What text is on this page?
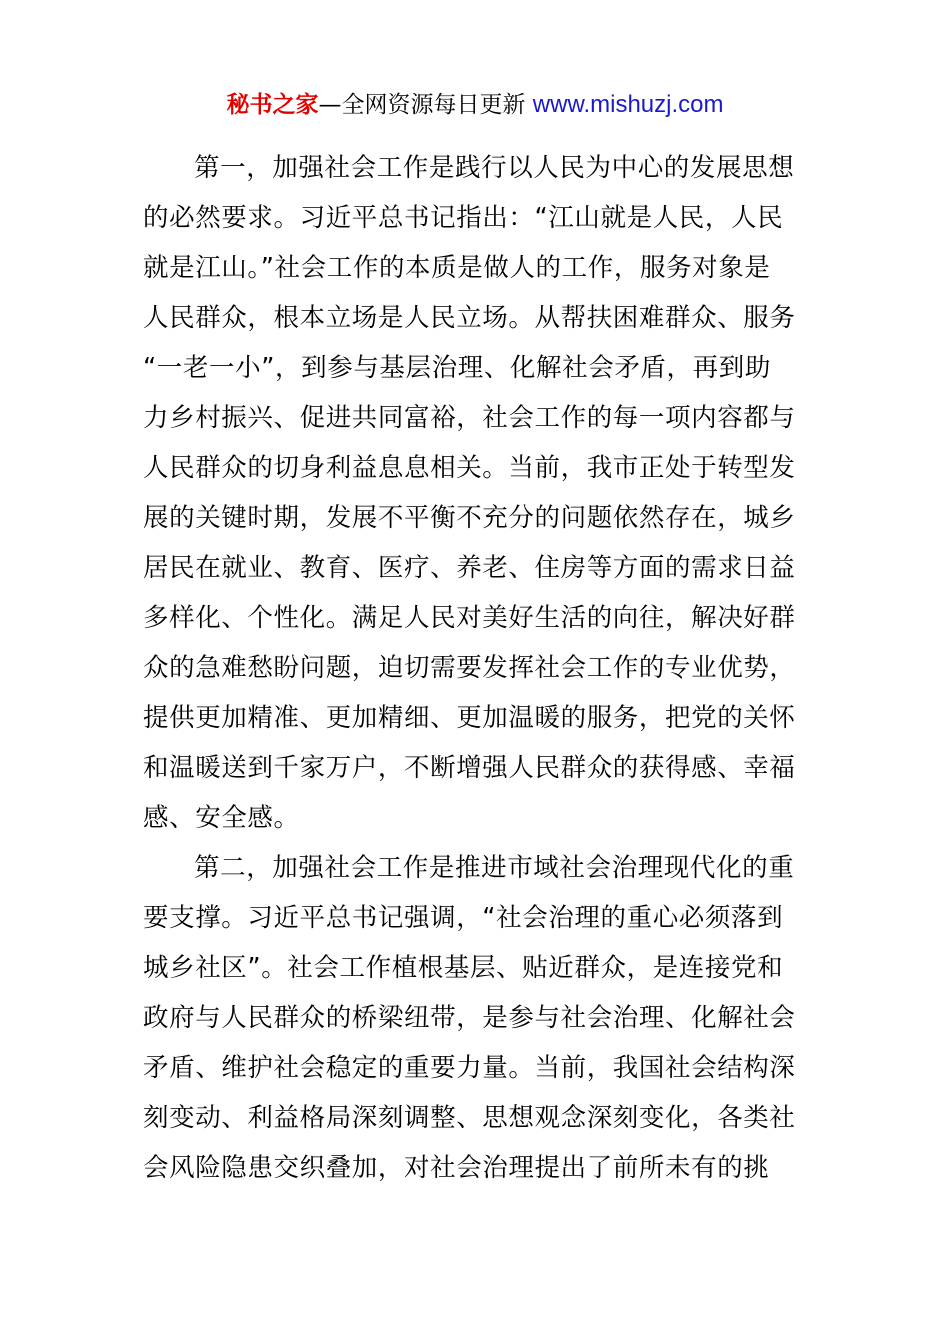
秘书之家—全网资源每日更新 www.mishuzj.com
第一，加强社会工作是践行以人民为中心的发展思想
的必然要求。习近平总书记指出：“江山就是人民，人民
就是江山。”社会工作的本质是做人的工作，服务对象是
人民群众，根本立场是人民立场。从帮扶困难群众、服务
“一老一小”，到参与基层治理、化解社会矛盾，再到助
力乡村振兴、促进共同富裕，社会工作的每一项内容都与
人民群众的切身利益息息相关。当前，我市正处于转型发
展的关键时期，发展不平衡不充分的问题依然存在，城乡
居民在就业、教育、医疗、养老、住房等方面的需求日益
多样化、个性化。满足人民对美好生活的向往，解决好群
众的急难愁盼问题，迫切需要发挥社会工作的专业优势，
提供更加精准、更加精细、更加温暖的服务，把党的关怀
和温暖送到千家万户，不断增强人民群众的获得感、幸福
感、安全感。
第二，加强社会工作是推进市域社会治理现代化的重
要支撑。习近平总书记强调，“社会治理的重心必须落到
城乡社区”。社会工作植根基层、贴近群众，是连接党和
政府与人民群众的桥梁纽带，是参与社会治理、化解社会
矛盾、维护社会稳定的重要力量。当前，我国社会结构深
刻变动、利益格局深刻调整、思想观念深刻变化，各类社
会风险隐患交织叠加，对社会治理提出了前所未有的挑
